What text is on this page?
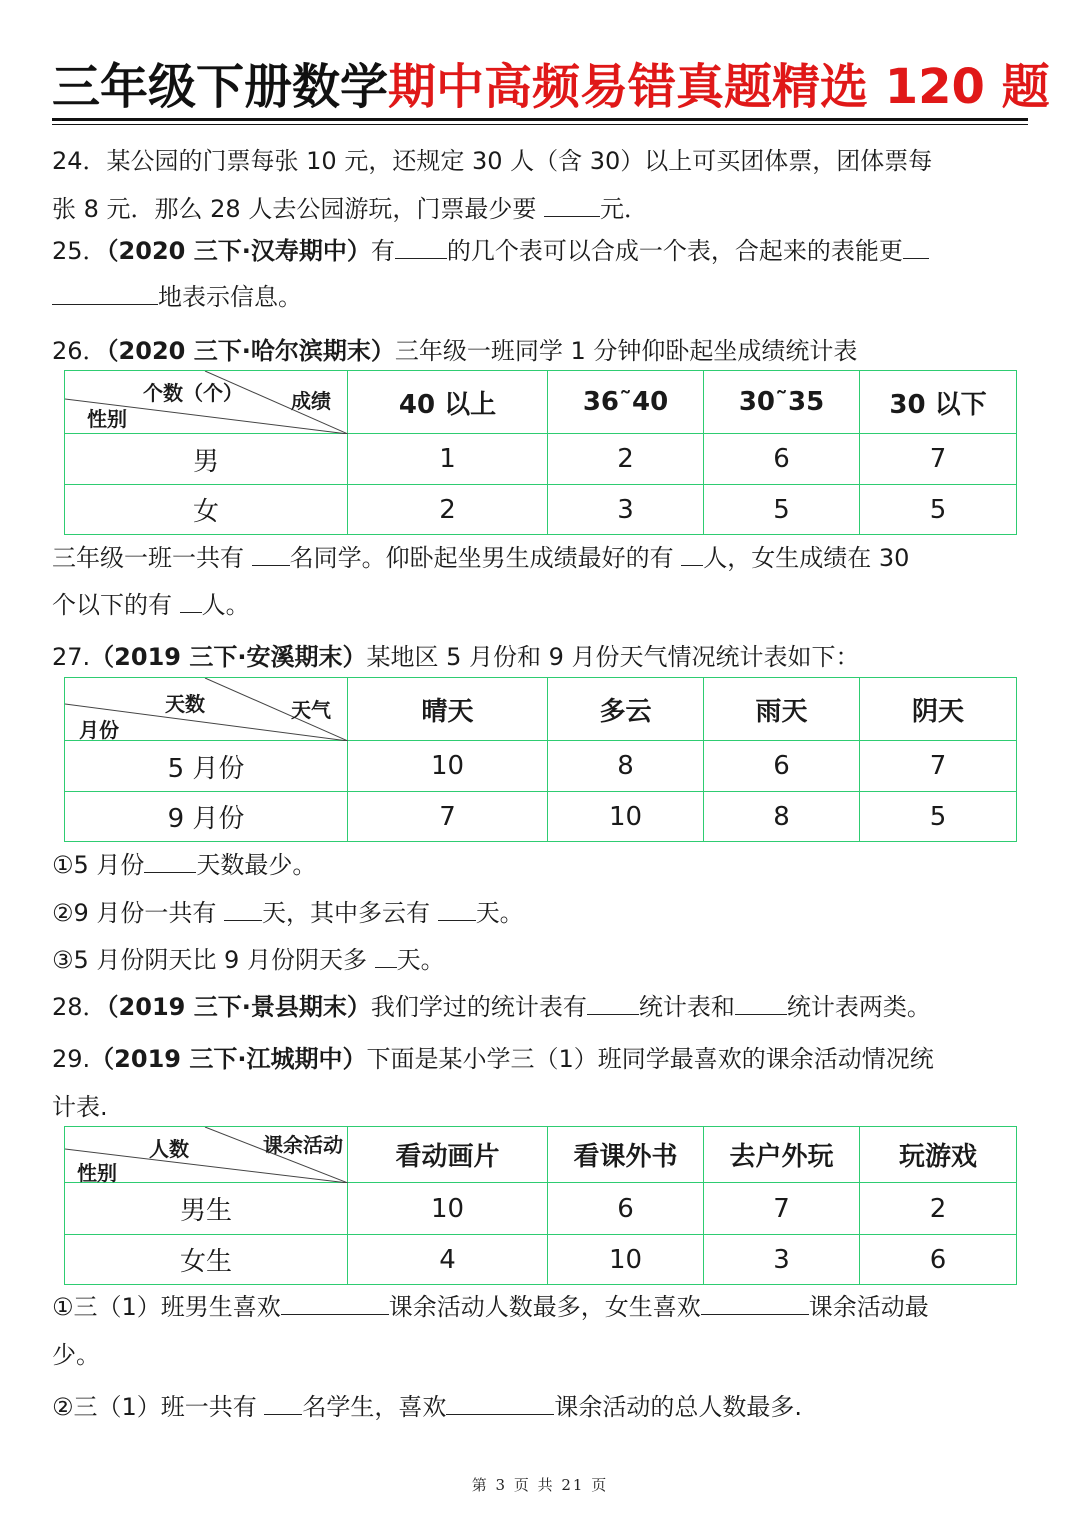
三年级下册数学期中高频易错真题精选 120 题
24．某公园的门票每张 10 元，还规定 30 人（含 30）以上可买团体票，团体票每
张 8 元．那么 28 人去公园游玩，门票最少要 元．
25．（2020 三下·汉寿期中）有 的几个表可以合成一个表，合起来的表能更
地表示信息。
26．（2020 三下·哈尔滨期末）三年级一班同学 1 分钟仰卧起坐成绩统计表
个数（个） 成绩
性别	40 以上	36˜40	30˜35	30 以下
男	1	2	6	7
女	2	3	5	5
三年级一班一共有 名同学。仰卧起坐男生成绩最好的有 人，女生成绩在 30
个以下的有 人。
27.（2019 三下·安溪期末）某地区 5 月份和 9 月份天气情况统计表如下：
天数 天气
月份	晴天	多云	雨天	阴天
5 月份	10	8	6	7
9 月份	7	10	8	5
①5 月份 天数最少。
②9 月份一共有 天，其中多云有 天。
③5 月份阴天比 9 月份阴天多 天。
28．（2019 三下·景县期末）我们学过的统计表有 统计表和 统计表两类。
29.（2019 三下·江城期中）下面是某小学三（1）班同学最喜欢的课余活动情况统
计表.
人数 课余活动
性别	看动画片	看课外书	去户外玩	玩游戏
男生	10	6	7	2
女生	4	10	3	6
①三（1）班男生喜欢	课余活动人数最多，女生喜欢	课余活动最
少。
②三（1）班一共有 名学生，喜欢	课余活动的总人数最多.
第 3 页 共 21 页
